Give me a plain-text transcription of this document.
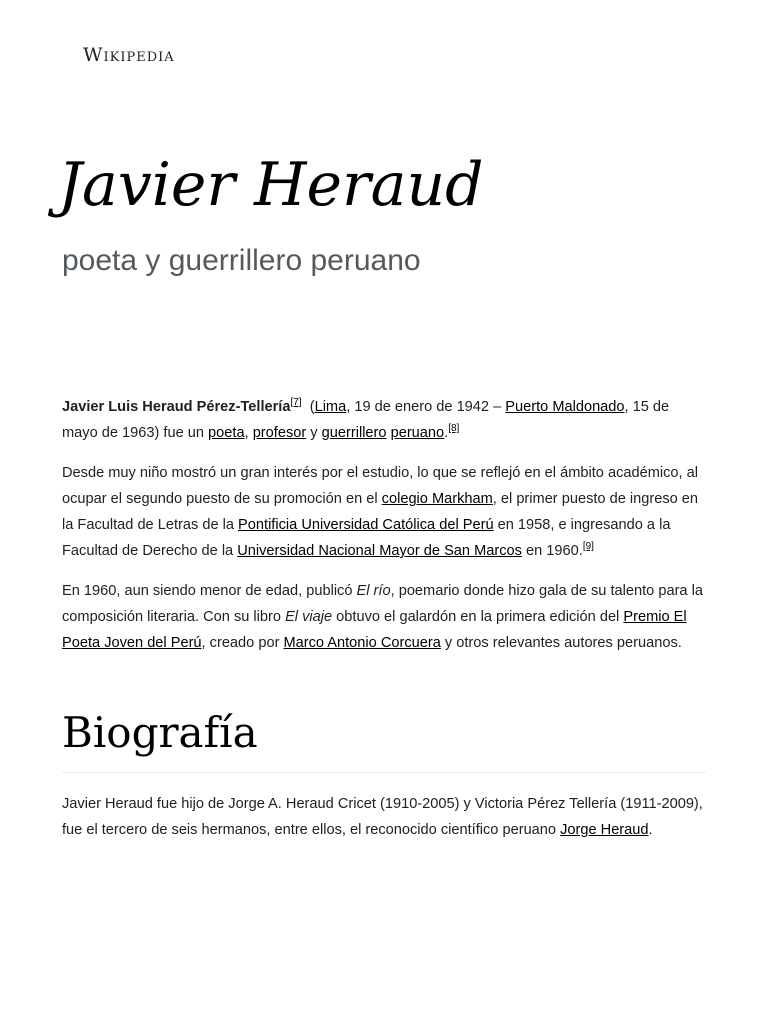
Wikipedia
Javier Heraud
poeta y guerrillero peruano

Javier Luis Heraud Pérez-Tellería[7] (Lima, 19 de enero de 1942 – Puerto Maldonado, 15 de mayo de 1963) fue un poeta, profesor y guerrillero peruano.[8]

Desde muy niño mostró un gran interés por el estudio, lo que se reflejó en el ámbito académico, al ocupar el segundo puesto de su promoción en el colegio Markham, el primer puesto de ingreso en la Facultad de Letras de la Pontificia Universidad Católica del Perú en 1958, e ingresando a la Facultad de Derecho de la Universidad Nacional Mayor de San Marcos en 1960.[9]

En 1960, aun siendo menor de edad, publicó El río, poemario donde hizo gala de su talento para la composición literaria. Con su libro El viaje obtuvo el galardón en la primera edición del Premio El Poeta Joven del Perú, creado por Marco Antonio Corcuera y otros relevantes autores peruanos.

Biografía

Javier Heraud fue hijo de Jorge A. Heraud Cricet (1910-2005) y Victoria Pérez Tellería (1911-2009), fue el tercero de seis hermanos, entre ellos, el reconocido científico peruano Jorge Heraud.
